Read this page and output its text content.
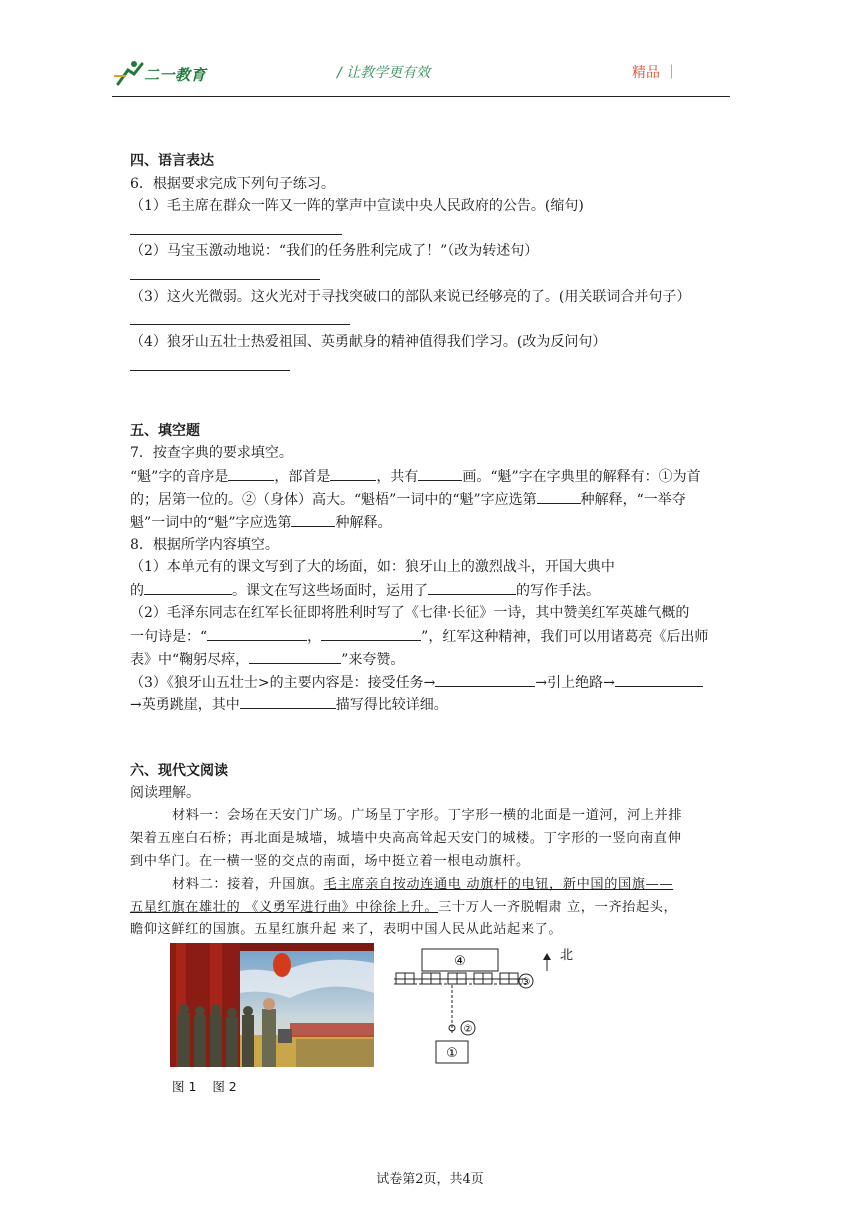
二一教育	/ 让教学更有效	精品 ｜
四、语言表达
6．根据要求完成下列句子练习。
（1）毛主席在群众一阵又一阵的掌声中宣读中央人民政府的公告。(缩句)
（2）马宝玉激动地说：“我们的任务胜利完成了！”（改为转述句）
（3）这火光微弱。这火光对于寻找突破口的部队来说已经够亮的了。(用关联词合并句子）
（4）狼牙山五壮士热爱祖国、英勇献身的精神值得我们学习。(改为反问句）
五、填空题
7．按查字典的要求填空。
“魁”字的音序是	，部首是	，共有	画。“魁”字在字典里的解释有：①为首
的；居第一位的。②（身体）高大。“魁梧”一词中的“魁”字应选第	种解释，“一举夺
魁”一词中的“魁”字应选第	种解释。
8．根据所学内容填空。
（1）本单元有的课文写到了大的场面，如：狼牙山上的激烈战斗，开国大典中
的	。课文在写这些场面时，运用了	的写作手法。
（2）毛泽东同志在红军长征即将胜利时写了《七律·长征》一诗，其中赞美红军英雄气概的
一句诗是：“	，	”，红军这种精神，我们可以用诸葛亮《后出师
表》中“鞠躬尽瘁，	”来夸赞。
（3）《狼牙山五壮士>的主要内容是：接受任务→	→引上绝路→
→英勇跳崖，其中	描写得比较详细。
六、现代文阅读
阅读理解。
材料一：会场在天安门广场。广场呈丁字形。丁字形一横的北面是一道河，河上并排
架着五座白石桥；再北面是城墙，城墙中央高高耸起天安门的城楼。丁字形的一竖向南直伸
到中华门。在一横一竖的交点的南面，场中挺立着一根电动旗杆。
材料二：接着，升国旗。毛主席亲自按动连通电 动旗杆的电钮，新中国的国旗——
五星红旗在雄壮的 《义勇军进行曲》中徐徐上升。三十万人一齐脱帽肃 立，一齐抬起头，
瞻仰这鲜红的国旗。五星红旗升起 来了，表明中国人民从此站起来了。
④
③
北
②
①
图 1    图 2
试卷第2页，共4页
